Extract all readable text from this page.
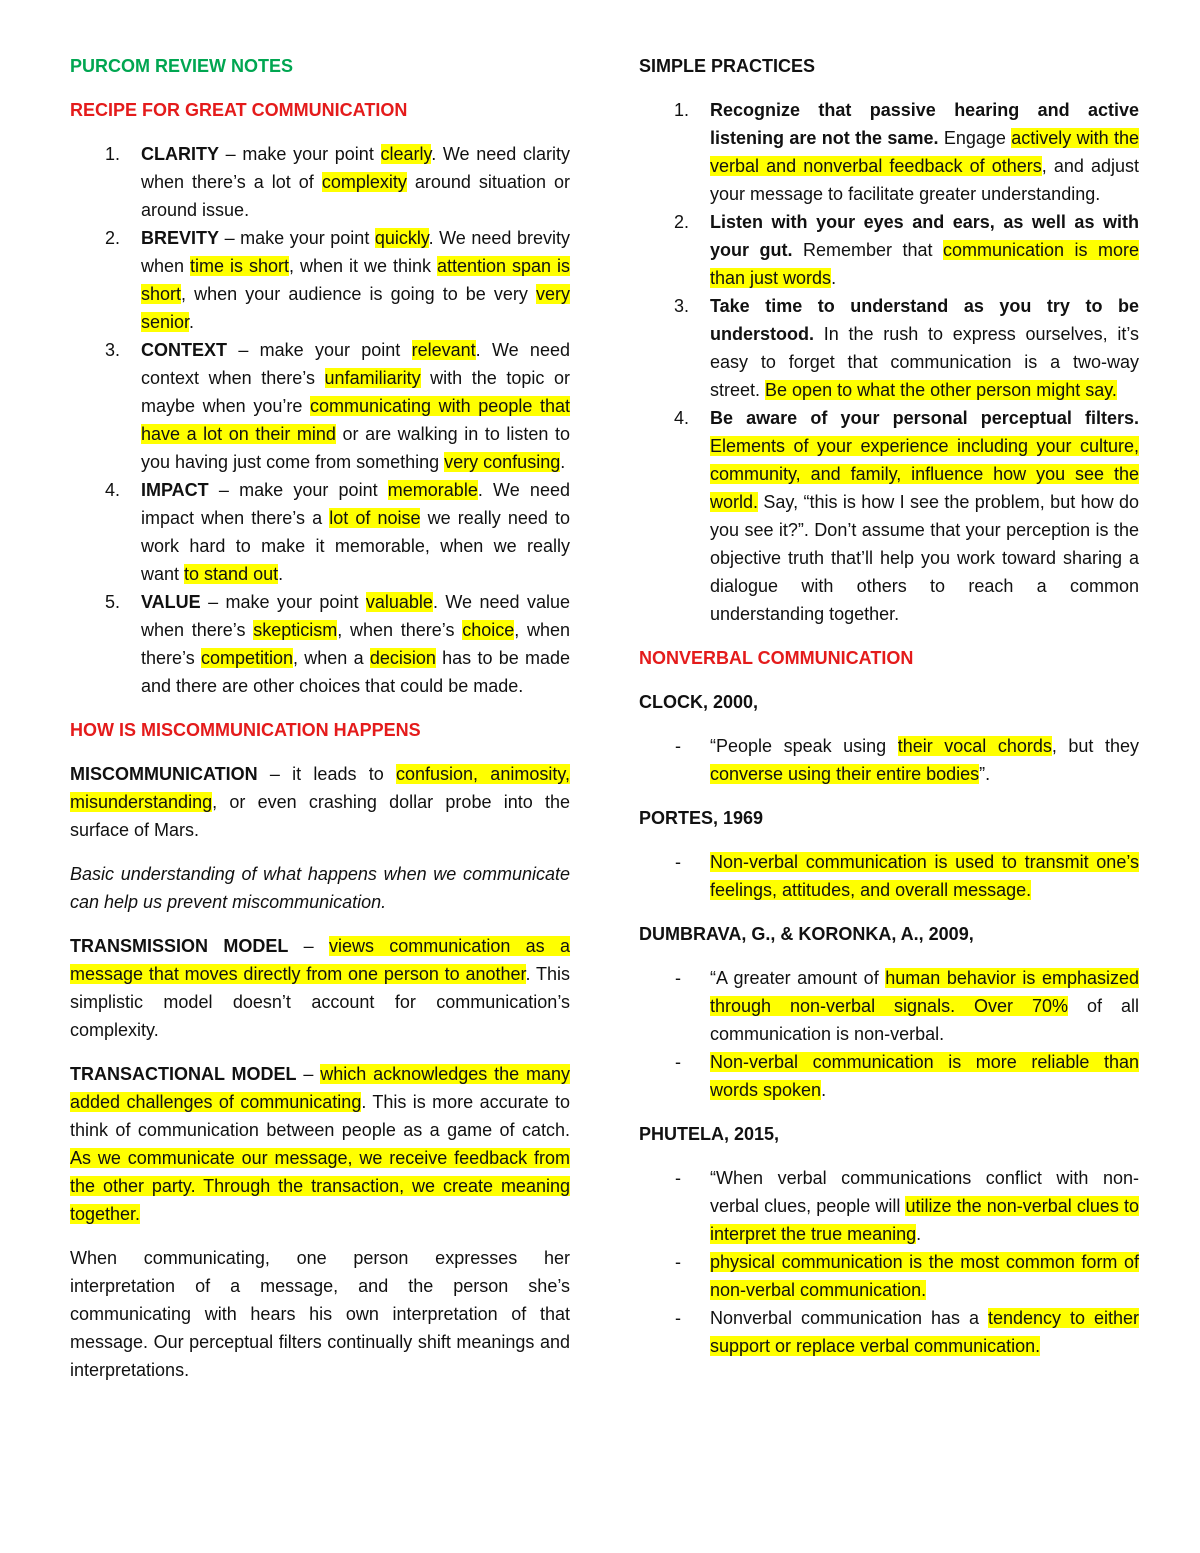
PURCOM REVIEW NOTES
RECIPE FOR GREAT COMMUNICATION
1. CLARITY – make your point clearly. We need clarity when there’s a lot of complexity around situation or around issue.
2. BREVITY – make your point quickly. We need brevity when time is short, when it we think attention span is short, when your audience is going to be very very senior.
3. CONTEXT – make your point relevant. We need context when there’s unfamiliarity with the topic or maybe when you’re communicating with people that have a lot on their mind or are walking in to listen to you having just come from something very confusing.
4. IMPACT – make your point memorable. We need impact when there’s a lot of noise we really need to work hard to make it memorable, when we really want to stand out.
5. VALUE – make your point valuable. We need value when there’s skepticism, when there’s choice, when there’s competition, when a decision has to be made and there are other choices that could be made.
HOW IS MISCOMMUNICATION HAPPENS

MISCOMMUNICATION – it leads to confusion, animosity, misunderstanding, or even crashing dollar probe into the surface of Mars.

Basic understanding of what happens when we communicate can help us prevent miscommunication.

TRANSMISSION MODEL – views communication as a message that moves directly from one person to another. This simplistic model doesn’t account for communication’s complexity.

TRANSACTIONAL MODEL – which acknowledges the many added challenges of communicating. This is more accurate to think of communication between people as a game of catch. As we communicate our message, we receive feedback from the other party. Through the transaction, we create meaning together.

When communicating, one person expresses her interpretation of a message, and the person she’s communicating with hears his own interpretation of that message. Our perceptual filters continually shift meanings and interpretations.

SIMPLE PRACTICES
1. Recognize that passive hearing and active listening are not the same. Engage actively with the verbal and nonverbal feedback of others, and adjust your message to facilitate greater understanding.
2. Listen with your eyes and ears, as well as with your gut. Remember that communication is more than just words.
3. Take time to understand as you try to be understood. In the rush to express ourselves, it’s easy to forget that communication is a two-way street. Be open to what the other person might say.
4. Be aware of your personal perceptual filters. Elements of your experience including your culture, community, and family, influence how you see the world. Say, “this is how I see the problem, but how do you see it?”. Don’t assume that your perception is the objective truth that’ll help you work toward sharing a dialogue with others to reach a common understanding together.
NONVERBAL COMMUNICATION
CLOCK, 2000,
- “People speak using their vocal chords, but they converse using their entire bodies”.
PORTES, 1969
- Non-verbal communication is used to transmit one’s feelings, attitudes, and overall message.
DUMBRAVA, G., & KORONKA, A., 2009,
- “A greater amount of human behavior is emphasized through non-verbal signals. Over 70% of all communication is non-verbal.
- Non-verbal communication is more reliable than words spoken.
PHUTELA, 2015,
- “When verbal communications conflict with non-verbal clues, people will utilize the non-verbal clues to interpret the true meaning.
- physical communication is the most common form of non-verbal communication.
- Nonverbal communication has a tendency to either support or replace verbal communication.
